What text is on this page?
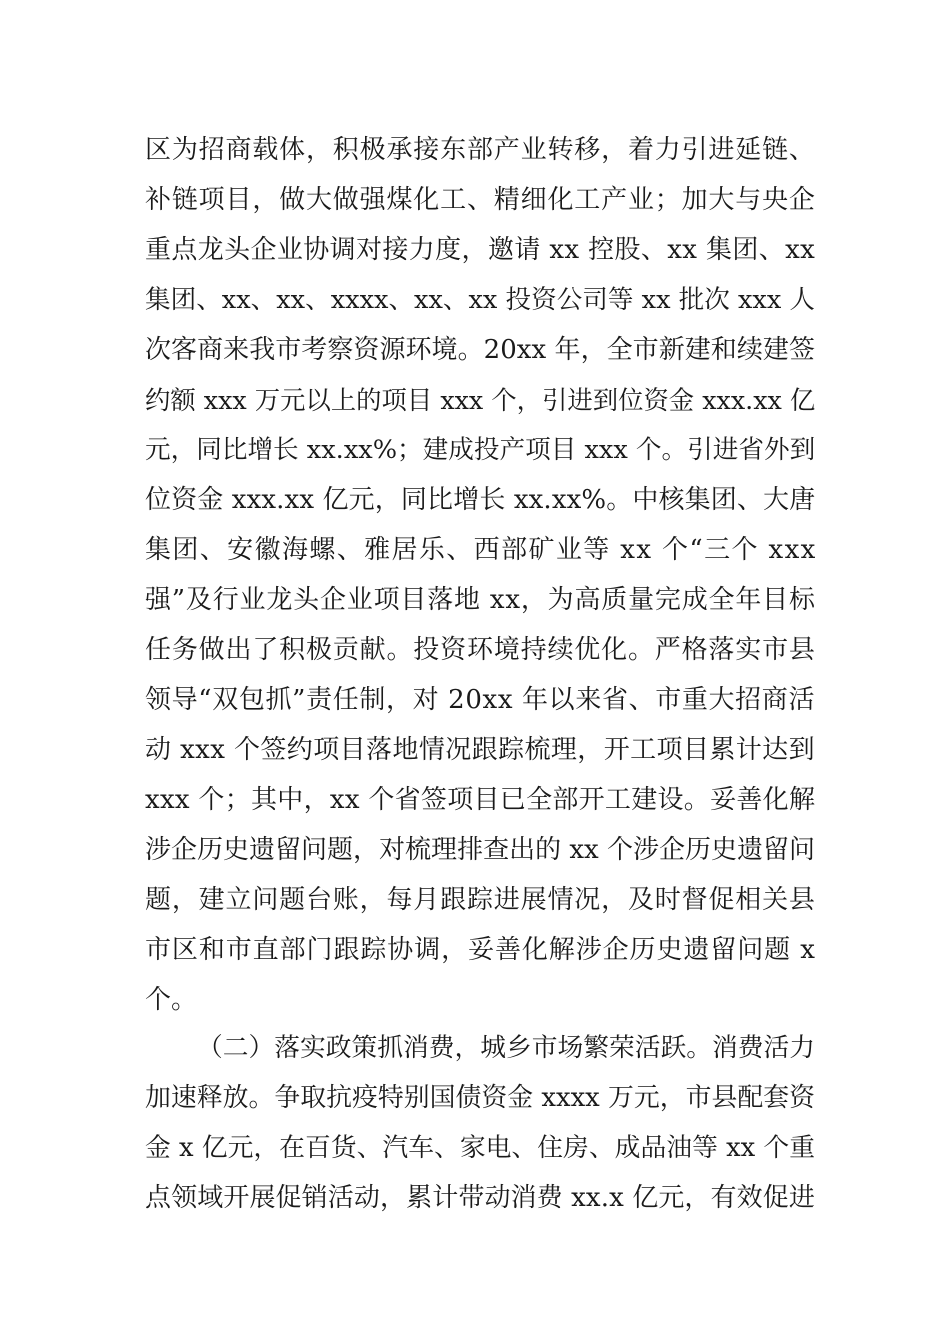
区为招商载体，积极承接东部产业转移，着力引进延链、
补链项目，做大做强煤化工、精细化工产业；加大与央企
重点龙头企业协调对接力度，邀请 xx 控股、xx 集团、xx
集团、xx、xx、xxxx、xx、xx 投资公司等 xx 批次 xxx 人
次客商来我市考察资源环境。20xx 年，全市新建和续建签
约额 xxx 万元以上的项目 xxx 个，引进到位资金 xxx.xx 亿
元，同比增长 xx.xx%；建成投产项目 xxx 个。引进省外到
位资金 xxx.xx 亿元，同比增长 xx.xx%。中核集团、大唐
集团、安徽海螺、雅居乐、西部矿业等 xx 个“三个 xxx
强”及行业龙头企业项目落地 xx，为高质量完成全年目标
任务做出了积极贡献。投资环境持续优化。严格落实市县
领导“双包抓”责任制，对 20xx 年以来省、市重大招商活
动 xxx 个签约项目落地情况跟踪梳理，开工项目累计达到
xxx 个；其中，xx 个省签项目已全部开工建设。妥善化解
涉企历史遗留问题，对梳理排查出的 xx 个涉企历史遗留问
题，建立问题台账，每月跟踪进展情况，及时督促相关县
市区和市直部门跟踪协调，妥善化解涉企历史遗留问题 x
个。
（二）落实政策抓消费，城乡市场繁荣活跃。消费活力
加速释放。争取抗疫特别国债资金 xxxx 万元，市县配套资
金 x 亿元，在百货、汽车、家电、住房、成品油等 xx 个重
点领域开展促销活动，累计带动消费 xx.x 亿元，有效促进
